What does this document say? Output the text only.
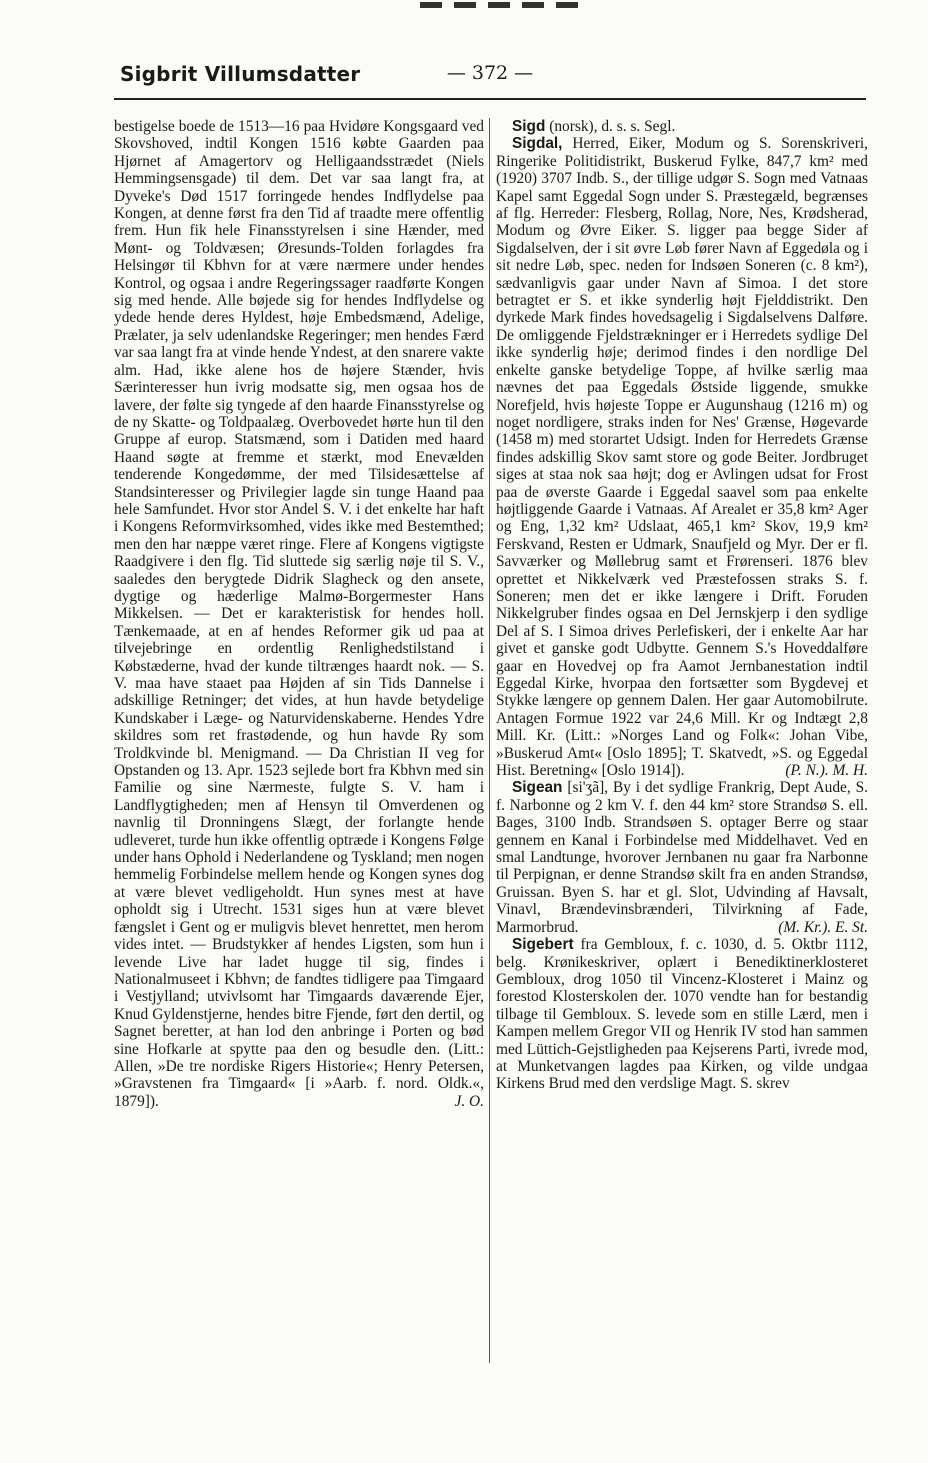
Sigbrit Villumsdatter	— 372 —

bestigelse boede de 1513—16 paa Hvidøre Kongsgaard ved Skovshoved, indtil Kongen 1516 købte Gaarden paa Hjørnet af Amagertorv og Helligaandsstrædet (Niels Hemmingsensgade) til dem. Det var saa langt fra, at Dyveke's Død 1517 forringede hendes Indflydelse paa Kongen, at denne først fra den Tid af traadte mere offentlig frem. Hun fik hele Finansstyrelsen i sine Hænder, med Mønt- og Toldvæsen; Øresunds-Tolden forlagdes fra Helsingør til Kbhvn for at være nærmere under hendes Kontrol, og ogsaa i andre Regeringssager raadførte Kongen sig med hende. Alle bøjede sig for hendes Indflydelse og ydede hende deres Hyldest, høje Embedsmænd, Adelige, Prælater, ja selv udenlandske Regeringer; men hendes Færd var saa langt fra at vinde hende Yndest, at den snarere vakte alm. Had, ikke alene hos de højere Stænder, hvis Særinteresser hun ivrig modsatte sig, men ogsaa hos de lavere, der følte sig tyngede af den haarde Finansstyrelse og de ny Skatte- og Toldpaalæg. Overbovedet hørte hun til den Gruppe af europ. Statsmænd, som i Datiden med haard Haand søgte at fremme et stærkt, mod Enevælden tenderende Kongedømme, der med Tilsidesættelse af Standsinteresser og Privilegier lagde sin tunge Haand paa hele Samfundet. Hvor stor Andel S. V. i det enkelte har haft i Kongens Reformvirksomhed, vides ikke med Bestemthed; men den har næppe været ringe. Flere af Kongens vigtigste Raadgivere i den flg. Tid sluttede sig særlig nøje til S. V., saaledes den berygtede Didrik Slagheck og den ansete, dygtige og hæderlige Malmø-Borgermester Hans Mikkelsen. — Det er karakteristisk for hendes holl. Tænkemaade, at en af hendes Reformer gik ud paa at tilvejebringe en ordentlig Renlighedstilstand i Købstæderne, hvad der kunde tiltrænges haardt nok. — S. V. maa have staaet paa Højden af sin Tids Dannelse i adskillige Retninger; det vides, at hun havde betydelige Kundskaber i Læge- og Naturvidenskaberne. Hendes Ydre skildres som ret frastødende, og hun havde Ry som Troldkvinde bl. Menigmand. — Da Christian II veg for Opstanden og 13. Apr. 1523 sejlede bort fra Kbhvn med sin Familie og sine Nærmeste, fulgte S. V. ham i Landflygtigheden; men af Hensyn til Omverdenen og navnlig til Dronningens Slægt, der forlangte hende udleveret, turde hun ikke offentlig optræde i Kongens Følge under hans Ophold i Nederlandene og Tyskland; men nogen hemmelig Forbindelse mellem hende og Kongen synes dog at være blevet vedligeholdt. Hun synes mest at have opholdt sig i Utrecht. 1531 siges hun at være blevet fængslet i Gent og er muligvis blevet henrettet, men herom vides intet. — Brudstykker af hendes Ligsten, som hun i levende Live har ladet hugge til sig, findes i Nationalmuseet i Kbhvn; de fandtes tidligere paa Timgaard i Vestjylland; utvivlsomt har Timgaards daværende Ejer, Knud Gyldenstjerne, hendes bitre Fjende, ført den dertil, og Sagnet beretter, at han lod den anbringe i Porten og bød sine Hofkarle at spytte paa den og besudle den. (Litt.: Allen, »De tre nordiske Rigers Historie«; Henry Petersen, »Gravstenen fra Timgaard« [i »Aarb. f. nord. Oldk.«, 1879]).	J. O.

Sigd (norsk), d. s. s. Segl.

Sigdal, Herred, Eiker, Modum og S. Sorenskriveri, Ringerike Politidistrikt, Buskerud Fylke, 847,7 km² med (1920) 3707 Indb. S., der tillige udgør S. Sogn med Vatnaas Kapel samt Eggedal Sogn under S. Præstegæld, begrænses af flg. Herreder: Flesberg, Rollag, Nore, Nes, Krødsherad, Modum og Øvre Eiker. S. ligger paa begge Sider af Sigdalselven, der i sit øvre Løb fører Navn af Eggedøla og i sit nedre Løb, spec. neden for Indsøen Soneren (c. 8 km²), sædvanligvis gaar under Navn af Simoa. I det store betragtet er S. et ikke synderlig højt Fjelddistrikt. Den dyrkede Mark findes hovedsagelig i Sigdalselvens Dalføre. De omliggende Fjeldstrækninger er i Herredets sydlige Del ikke synderlig høje; derimod findes i den nordlige Del enkelte ganske betydelige Toppe, af hvilke særlig maa nævnes det paa Eggedals Østside liggende, smukke Norefjeld, hvis højeste Toppe er Augunshaug (1216 m) og noget nordligere, straks inden for Nes' Grænse, Høgevarde (1458 m) med storartet Udsigt. Inden for Herredets Grænse findes adskillig Skov samt store og gode Beiter. Jordbruget siges at staa nok saa højt; dog er Avlingen udsat for Frost paa de øverste Gaarde i Eggedal saavel som paa enkelte højtliggende Gaarde i Vatnaas. Af Arealet er 35,8 km² Ager og Eng, 1,32 km² Udslaat, 465,1 km² Skov, 19,9 km² Ferskvand, Resten er Udmark, Snaufjeld og Myr. Der er fl. Savværker og Møllebrug samt et Frørenseri. 1876 blev oprettet et Nikkelværk ved Præstefossen straks S. f. Soneren; men det er ikke længere i Drift. Foruden Nikkelgruber findes ogsaa en Del Jernskjerp i den sydlige Del af S. I Simoa drives Perlefiskeri, der i enkelte Aar har givet et ganske godt Udbytte. Gennem S.'s Hoveddalføre gaar en Hovedvej op fra Aamot Jernbanestation indtil Eggedal Kirke, hvorpaa den fortsætter som Bygdevej et Stykke længere op gennem Dalen. Her gaar Automobilrute. Antagen Formue 1922 var 24,6 Mill. Kr og Indtægt 2,8 Mill. Kr. (Litt.: »Norges Land og Folk«: Johan Vibe, »Buskerud Amt« [Oslo 1895]; T. Skatvedt, »S. og Eggedal Hist. Beretning« [Oslo 1914]).	(P. N.). M. H.

Sigean [si'ʒã], By i det sydlige Frankrig, Dept Aude, S. f. Narbonne og 2 km V. f. den 44 km² store Strandsø S. ell. Bages, 3100 Indb. Strandsøen S. optager Berre og staar gennem en Kanal i Forbindelse med Middelhavet. Ved en smal Landtunge, hvorover Jernbanen nu gaar fra Narbonne til Perpignan, er denne Strandsø skilt fra en anden Strandsø, Gruissan. Byen S. har et gl. Slot, Udvinding af Havsalt, Vinavl, Brændevinsbrænderi, Tilvirkning af Fade, Marmorbrud.	(M. Kr.). E. St.

Sigebert fra Gembloux, f. c. 1030, d. 5. Oktbr 1112, belg. Krønikeskriver, oplært i Benediktinerklosteret Gembloux, drog 1050 til Vincenz-Klosteret i Mainz og forestod Klosterskolen der. 1070 vendte han for bestandig tilbage til Gembloux. S. levede som en stille Lærd, men i Kampen mellem Gregor VII og Henrik IV stod han sammen med Lüttich-Gejstligheden paa Kejserens Parti, ivrede mod, at Munketvangen lagdes paa Kirken, og vilde undgaa Kirkens Brud med den verdslige Magt. S. skrev
